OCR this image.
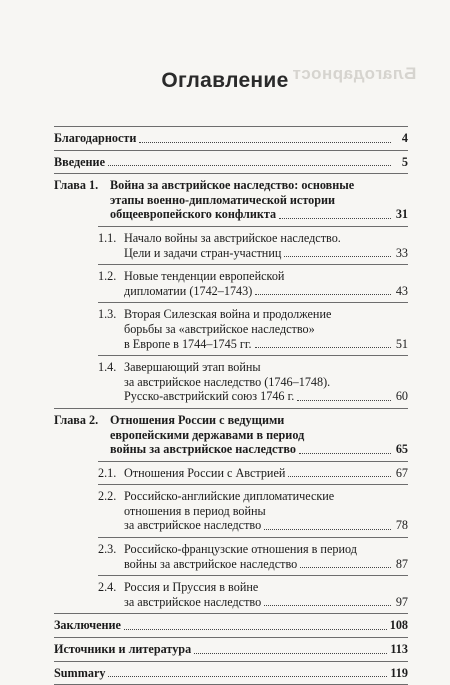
Благодарност
Оглавление
Благодарности	4
Введение	5
Глава 1. Война за австрийское наследство: основные
этапы военно-дипломатической истории
общеевропейского конфликта	31
1.1. Начало войны за австрийское наследство.
Цели и задачи стран-участниц	33
1.2. Новые тенденции европейской
дипломатии (1742–1743)	43
1.3. Вторая Силезская война и продолжение
борьбы за «австрийское наследство»
в Европе в 1744–1745 гг.	51
1.4. Завершающий этап войны
за австрийское наследство (1746–1748).
Русско-австрийский союз 1746 г.	60
Глава 2. Отношения России с ведущими
европейскими державами в период
войны за австрийское наследство	65
2.1. Отношения России с Австрией	67
2.2. Российско-английские дипломатические
отношения в период войны
за австрийское наследство	78
2.3. Российско-французские отношения в период
войны за австрийское наследство	87
2.4. Россия и Пруссия в войне
за австрийское наследство	97
Заключение	108
Источники и литература	113
Summary	119
